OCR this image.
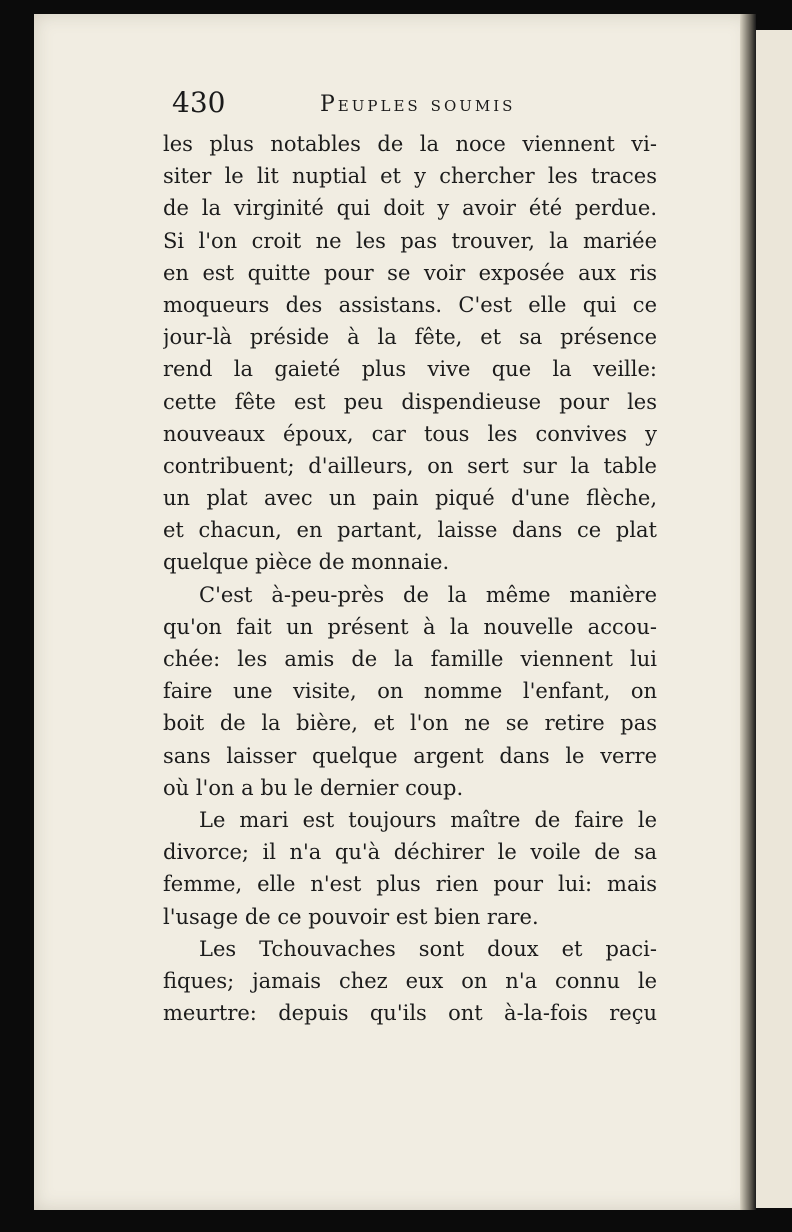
430	Peuples soumis
les plus notables de la noce viennent vi-
siter le lit nuptial et y chercher les traces
de la virginité qui doit y avoir été perdue.
Si l'on croit ne les pas trouver, la mariée
en est quitte pour se voir exposée aux ris
moqueurs des assistans. C'est elle qui ce
jour-là préside à la fête, et sa présence
rend la gaieté plus vive que la veille:
cette fête est peu dispendieuse pour les
nouveaux époux, car tous les convives y
contribuent; d'ailleurs, on sert sur la table
un plat avec un pain piqué d'une flèche,
et chacun, en partant, laisse dans ce plat
quelque pièce de monnaie.
C'est à-peu-près de la même manière
qu'on fait un présent à la nouvelle accou-
chée: les amis de la famille viennent lui
faire une visite, on nomme l'enfant, on
boit de la bière, et l'on ne se retire pas
sans laisser quelque argent dans le verre
où l'on a bu le dernier coup.
Le mari est toujours maître de faire le
divorce; il n'a qu'à déchirer le voile de sa
femme, elle n'est plus rien pour lui: mais
l'usage de ce pouvoir est bien rare.
Les Tchouvaches sont doux et paci-
fiques; jamais chez eux on n'a connu le
meurtre: depuis qu'ils ont à-la-fois reçu
